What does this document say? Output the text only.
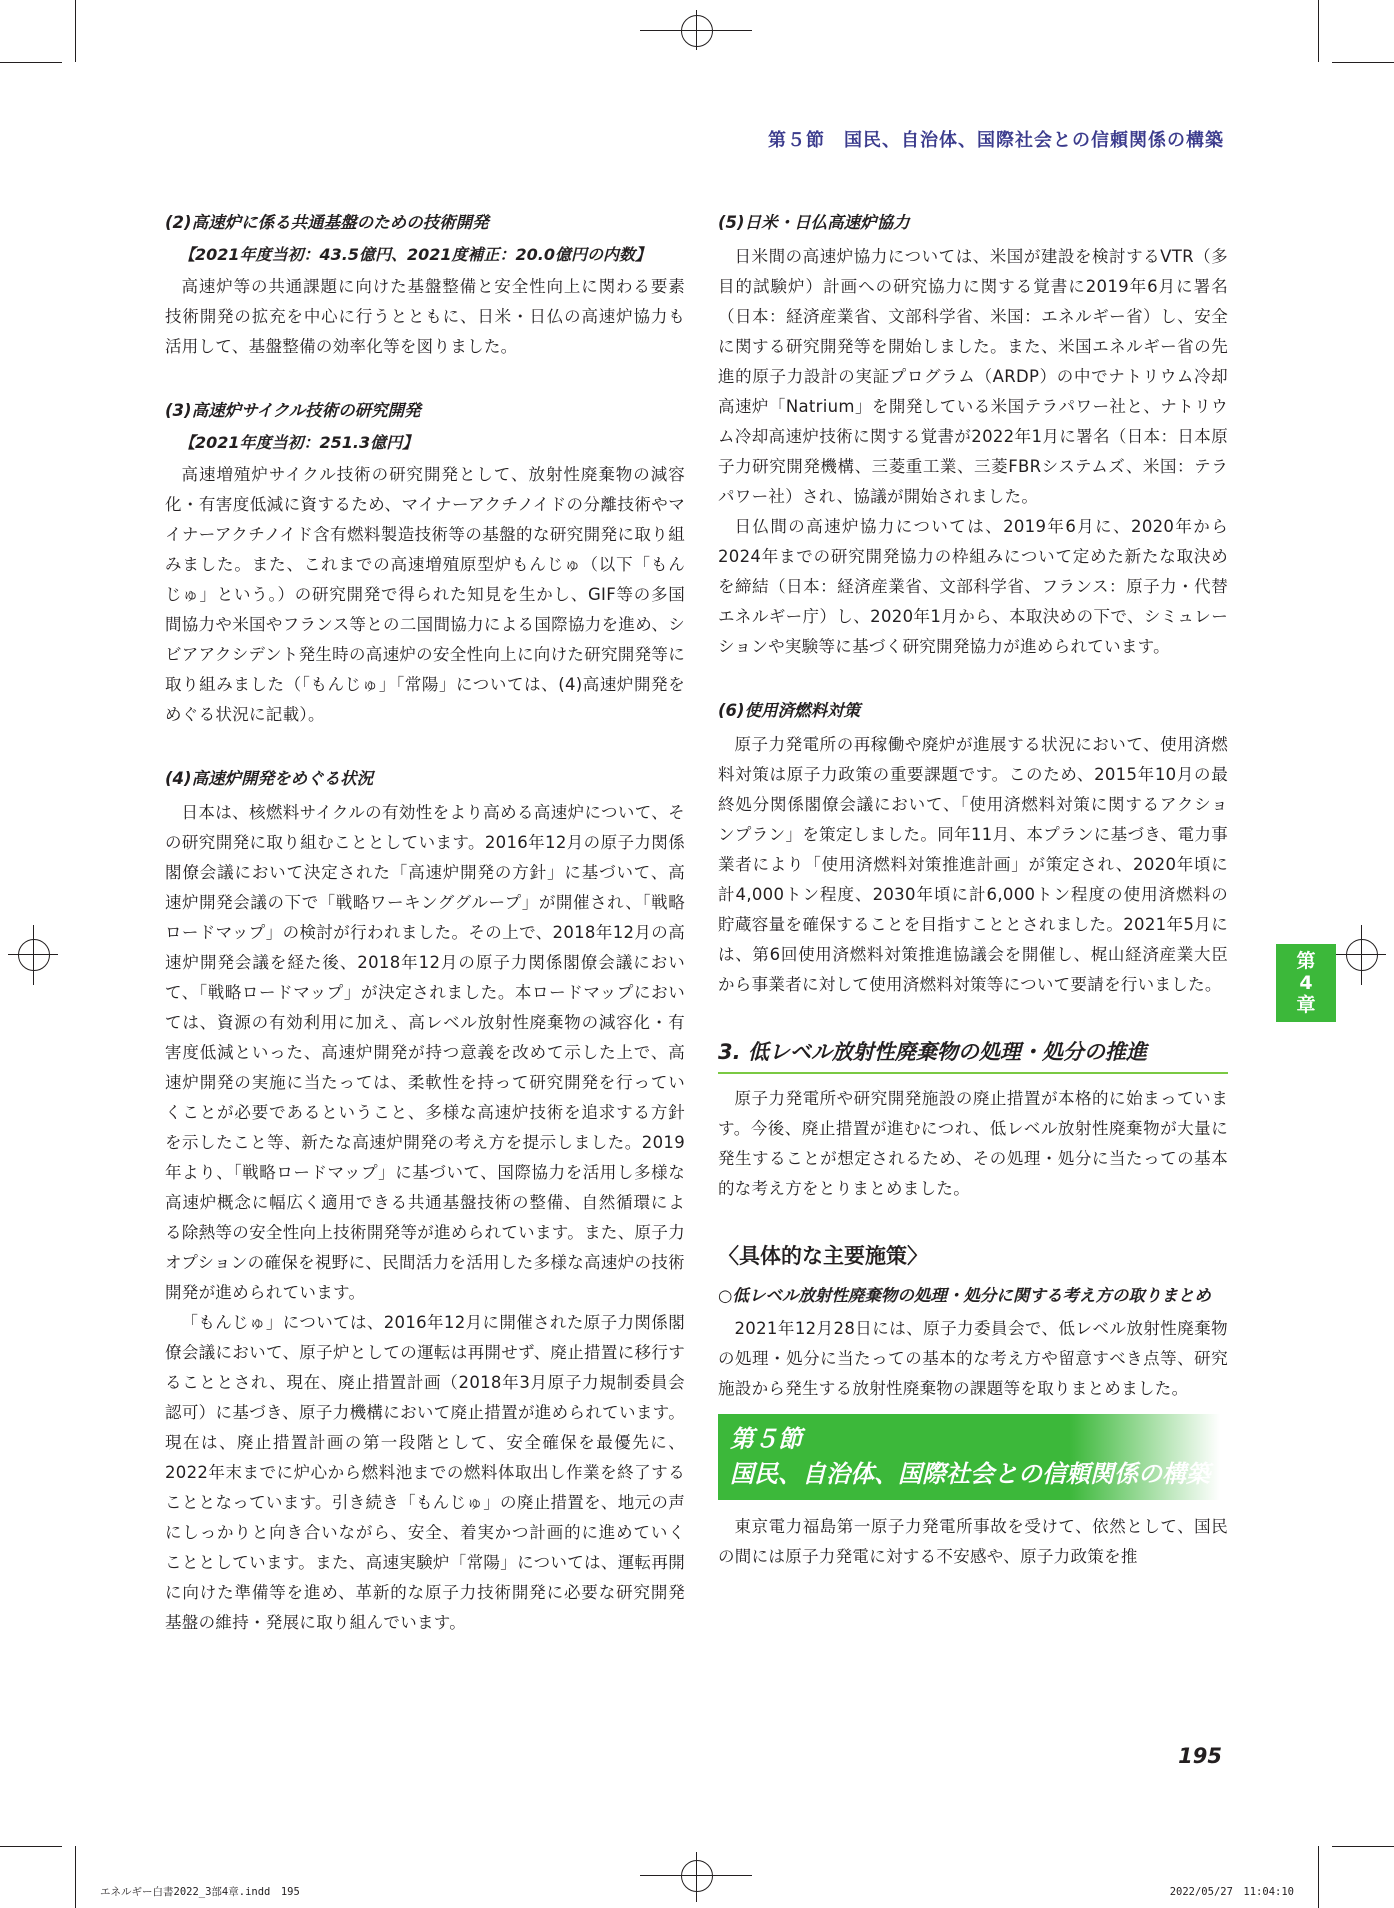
第５節　国民、自治体、国際社会との信頼関係の構築
(2)高速炉に係る共通基盤のための技術開発
【2021年度当初：43.5億円、2021度補正：20.0億円の内数】

高速炉等の共通課題に向けた基盤整備と安全性向上に関わる要素技術開発の拡充を中心に行うとともに、日米・日仏の高速炉協力も活用して、基盤整備の効率化等を図りました。

(3)高速炉サイクル技術の研究開発
【2021年度当初：251.3億円】

高速増殖炉サイクル技術の研究開発として、放射性廃棄物の減容化・有害度低減に資するため、マイナーアクチノイドの分離技術やマイナーアクチノイド含有燃料製造技術等の基盤的な研究開発に取り組みました。また、これまでの高速増殖原型炉もんじゅ（以下「もんじゅ」という。）の研究開発で得られた知見を生かし、GIF等の多国間協力や米国やフランス等との二国間協力による国際協力を進め、シビアアクシデント発生時の高速炉の安全性向上に向けた研究開発等に取り組みました（「もんじゅ」「常陽」については、(4)高速炉開発をめぐる状況に記載）。

(4)高速炉開発をめぐる状況

日本は、核燃料サイクルの有効性をより高める高速炉について、その研究開発に取り組むこととしています。2016年12月の原子力関係閣僚会議において決定された「高速炉開発の方針」に基づいて、高速炉開発会議の下で「戦略ワーキンググループ」が開催され、「戦略ロードマップ」の検討が行われました。その上で、2018年12月の高速炉開発会議を経た後、2018年12月の原子力関係閣僚会議において、「戦略ロードマップ」が決定されました。本ロードマップにおいては、資源の有効利用に加え、高レベル放射性廃棄物の減容化・有害度低減といった、高速炉開発が持つ意義を改めて示した上で、高速炉開発の実施に当たっては、柔軟性を持って研究開発を行っていくことが必要であるということ、多様な高速炉技術を追求する方針を示したこと等、新たな高速炉開発の考え方を提示しました。2019年より、「戦略ロードマップ」に基づいて、国際協力を活用し多様な高速炉概念に幅広く適用できる共通基盤技術の整備、自然循環による除熱等の安全性向上技術開発等が進められています。また、原子力オプションの確保を視野に、民間活力を活用した多様な高速炉の技術開発が進められています。

「もんじゅ」については、2016年12月に開催された原子力関係閣僚会議において、原子炉としての運転は再開せず、廃止措置に移行することとされ、現在、廃止措置計画（2018年3月原子力規制委員会認可）に基づき、原子力機構において廃止措置が進められています。現在は、廃止措置計画の第一段階として、安全確保を最優先に、2022年末までに炉心から燃料池までの燃料体取出し作業を終了することとなっています。引き続き「もんじゅ」の廃止措置を、地元の声にしっかりと向き合いながら、安全、着実かつ計画的に進めていくこととしています。また、高速実験炉「常陽」については、運転再開に向けた準備等を進め、革新的な原子力技術開発に必要な研究開発基盤の維持・発展に取り組んでいます。

(5)日米・日仏高速炉協力

日米間の高速炉協力については、米国が建設を検討するVTR（多目的試験炉）計画への研究協力に関する覚書に2019年6月に署名（日本：経済産業省、文部科学省、米国：エネルギー省）し、安全に関する研究開発等を開始しました。また、米国エネルギー省の先進的原子力設計の実証プログラム（ARDP）の中でナトリウム冷却高速炉「Natrium」を開発している米国テラパワー社と、ナトリウム冷却高速炉技術に関する覚書が2022年1月に署名（日本：日本原子力研究開発機構、三菱重工業、三菱FBRシステムズ、米国：テラパワー社）され、協議が開始されました。

日仏間の高速炉協力については、2019年6月に、2020年から2024年までの研究開発協力の枠組みについて定めた新たな取決めを締結（日本：経済産業省、文部科学省、フランス：原子力・代替エネルギー庁）し、2020年1月から、本取決めの下で、シミュレーションや実験等に基づく研究開発協力が進められています。

(6)使用済燃料対策

原子力発電所の再稼働や廃炉が進展する状況において、使用済燃料対策は原子力政策の重要課題です。このため、2015年10月の最終処分関係閣僚会議において、「使用済燃料対策に関するアクションプラン」を策定しました。同年11月、本プランに基づき、電力事業者により「使用済燃料対策推進計画」が策定され、2020年頃に計4,000トン程度、2030年頃に計6,000トン程度の使用済燃料の貯蔵容量を確保することを目指すこととされました。2021年5月には、第6回使用済燃料対策推進協議会を開催し、梶山経済産業大臣から事業者に対して使用済燃料対策等について要請を行いました。

3. 低レベル放射性廃棄物の処理・処分の推進

原子力発電所や研究開発施設の廃止措置が本格的に始まっています。今後、廃止措置が進むにつれ、低レベル放射性廃棄物が大量に発生することが想定されるため、その処理・処分に当たっての基本的な考え方をとりまとめました。

〈具体的な主要施策〉
○低レベル放射性廃棄物の処理・処分に関する考え方の取りまとめ

2021年12月28日には、原子力委員会で、低レベル放射性廃棄物の処理・処分に当たっての基本的な考え方や留意すべき点等、研究施設から発生する放射性廃棄物の課題等を取りまとめました。

第５節
国民、自治体、国際社会との信頼関係の構築

東京電力福島第一原子力発電所事故を受けて、依然として、国民の間には原子力発電に対する不安感や、原子力政策を推

第
4
章
195
エネルギー白書2022_3部4章.indd　195	2022/05/27　11:04:10
